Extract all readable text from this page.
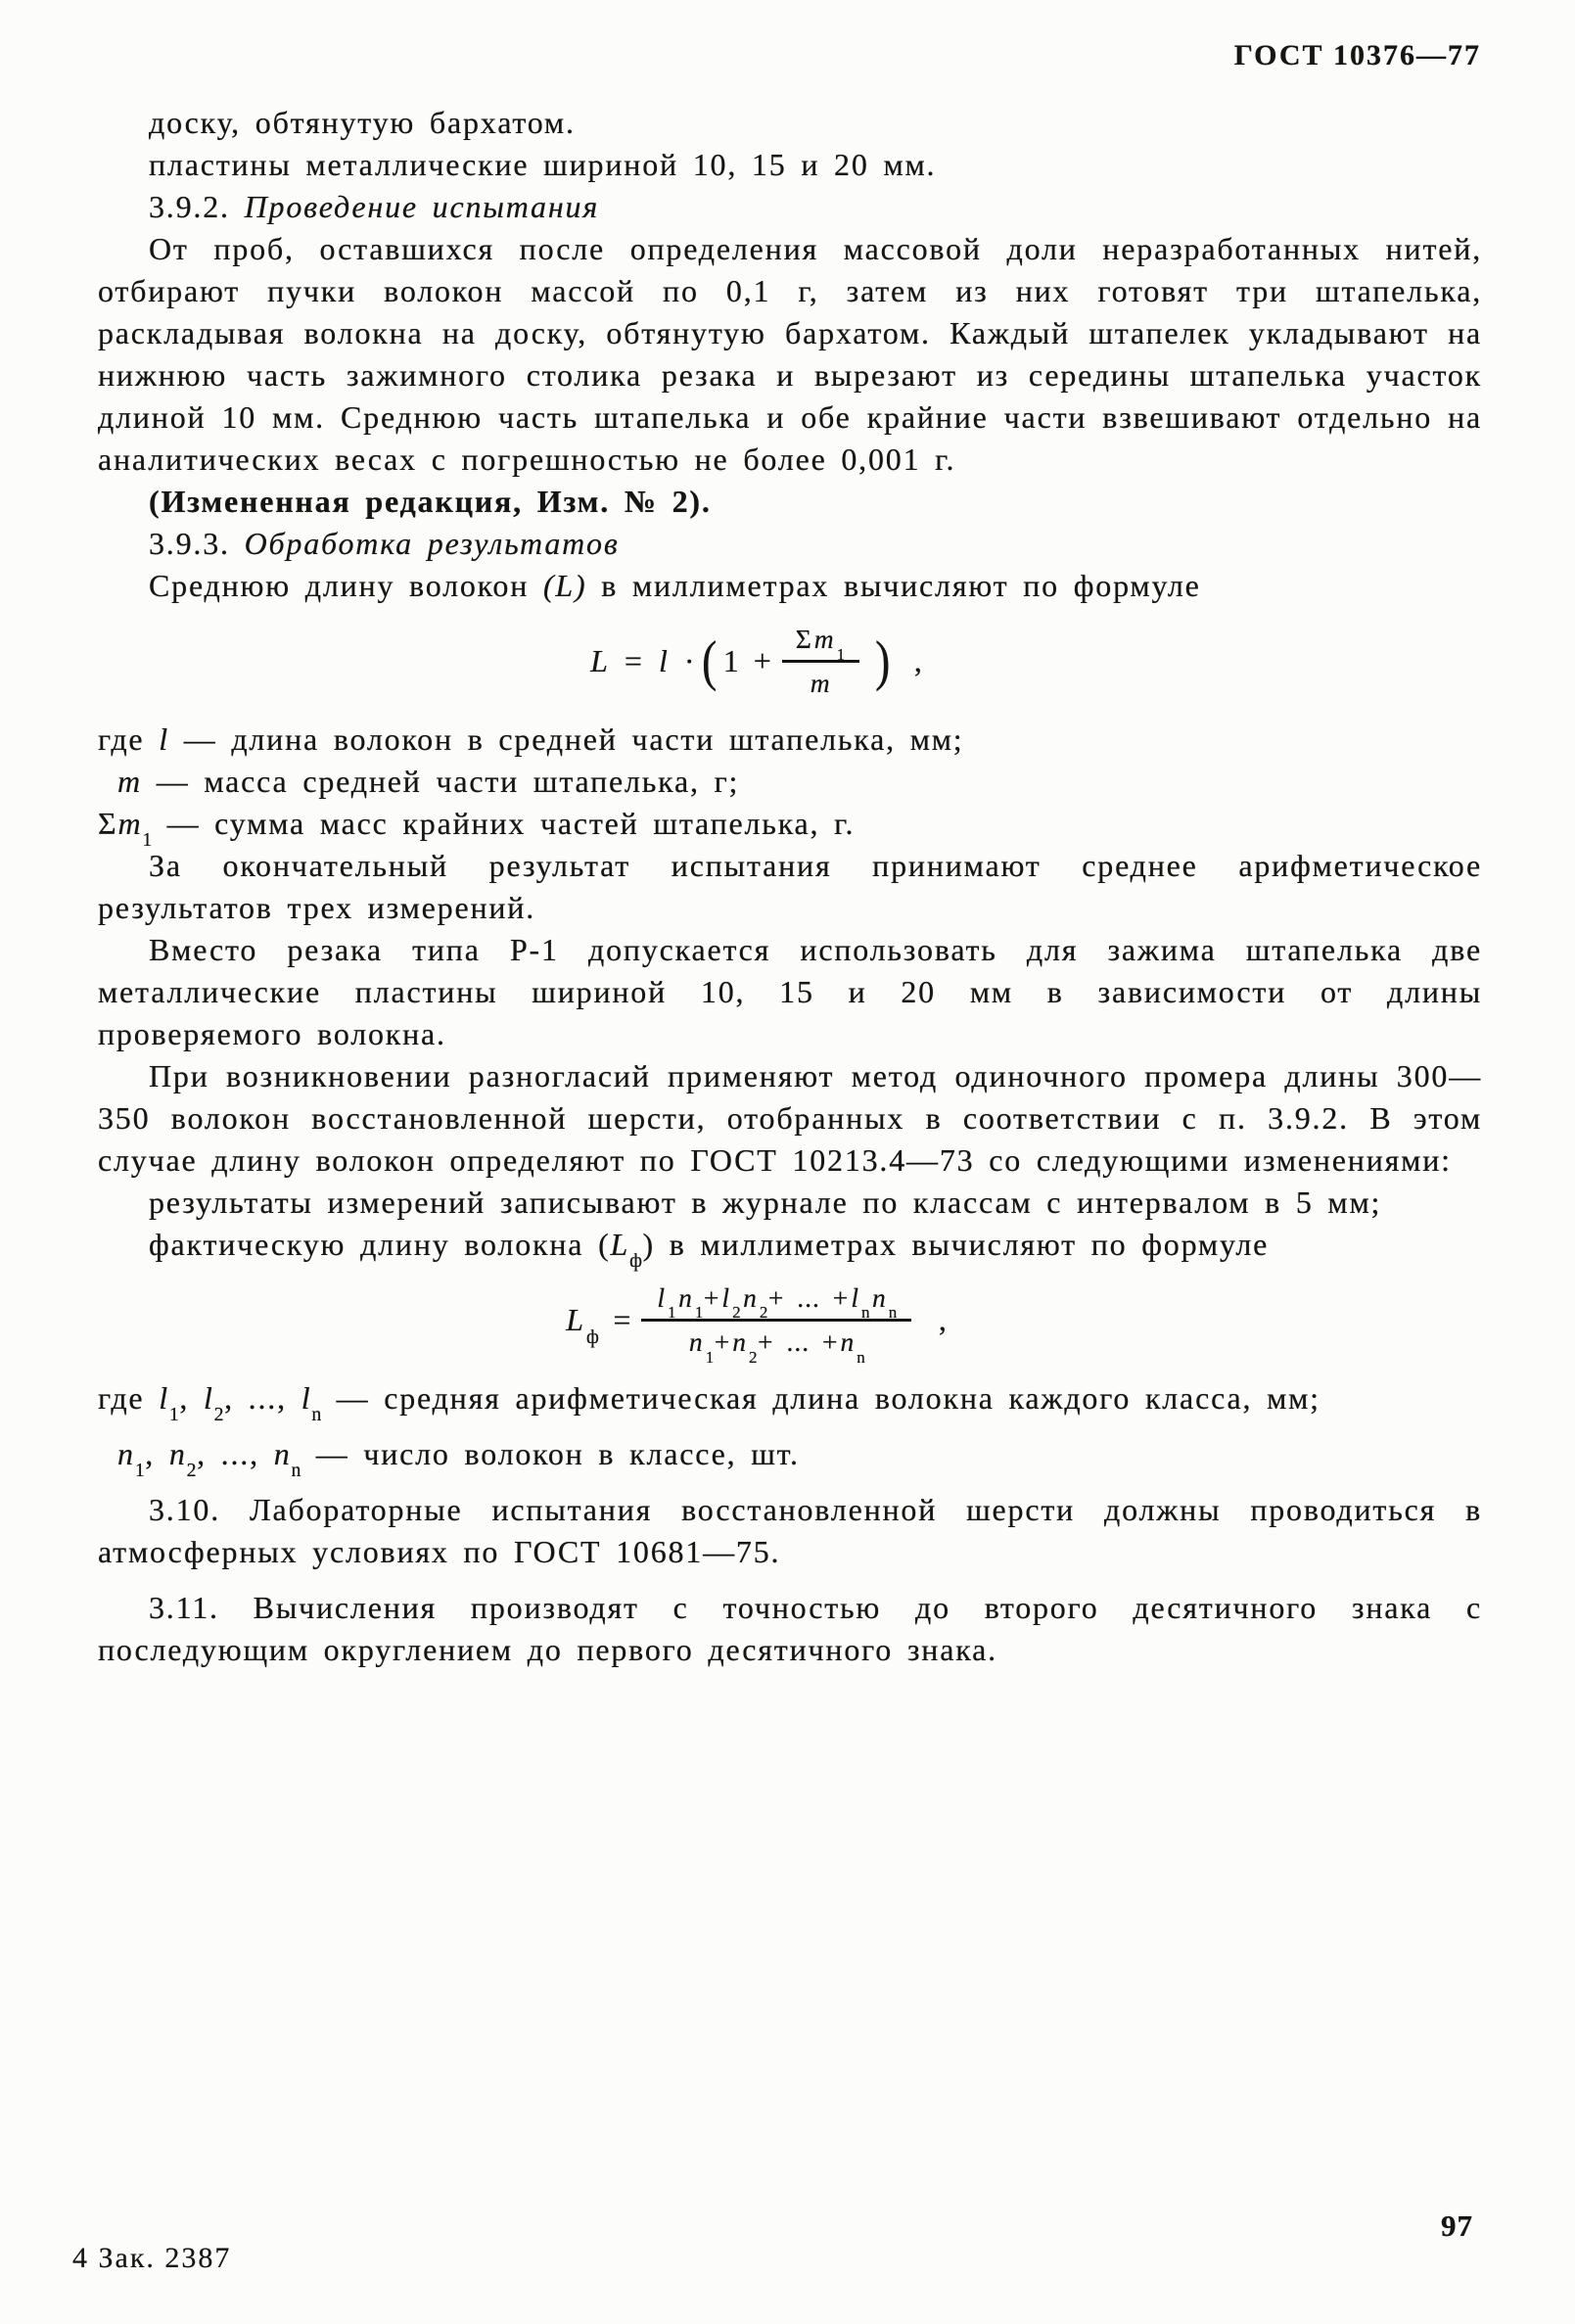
ГОСТ 10376—77

доску, обтянутую бархатом.

пластины металлические шириной 10, 15 и 20 мм.

3.9.2. Проведение испытания

От проб, оставшихся после определения массовой доли неразработанных нитей, отбирают пучки волокон массой по 0,1 г, затем из них готовят три штапелька, раскладывая волокна на доску, обтянутую бархатом. Каждый штапелек укладывают на нижнюю часть зажимного столика резака и вырезают из середины штапелька участок длиной 10 мм. Среднюю часть штапелька и обе крайние части взвешивают отдельно на аналитических весах с погрешностью не более 0,001 г.

(Измененная редакция, Изм. № 2).

3.9.3. Обработка результатов

Среднюю длину волокон (L) в миллиметрах вычисляют по формуле

L = l · ( $1 + \frac{\Sigma m _1}{m}$ ) ,

где l — длина волокон в средней части штапелька, мм;

m — масса средней части штапелька, г;

$\Sigma m_1$ — сумма масс крайних частей штапелька, г.

За окончательный результат испытания принимают среднее арифметическое результатов трех измерений.

Вместо резака типа Р-1 допускается использовать для зажима штапелька две металлические пластины шириной 10, 15 и 20 мм в зависимости от длины проверяемого волокна.

При возникновении разногласий применяют метод одиночного промера длины 300—350 волокон восстановленной шерсти, отобранных в соответствии с п. 3.9.2. В этом случае длину волокон определяют по ГОСТ 10213.4—73 со следующими изменениями:

результаты измерений записывают в журнале по классам с интервалом в 5 мм;

фактическую длину волокна $(L_ф)$ в миллиметрах вычисляют по формуле

L $_ф = \frac{l _1n _1+l _2n _2+ ... +l _nn _n}{n _1+n _2+ ... +n _n}$ ,

где $l_1$, $l_2$, ..., $l_n$ — средняя арифметическая длина волокна каждого класса, мм;

$n_1$, $n_2$, ..., $n_n$ — число волокон в классе, шт.

3.10. Лабораторные испытания восстановленной шерсти должны проводиться в атмосферных условиях по ГОСТ 10681—75.

3.11. Вычисления производят с точностью до второго десятичного знака с последующим округлением до первого десятичного знака.

4 Зак. 2387
97
